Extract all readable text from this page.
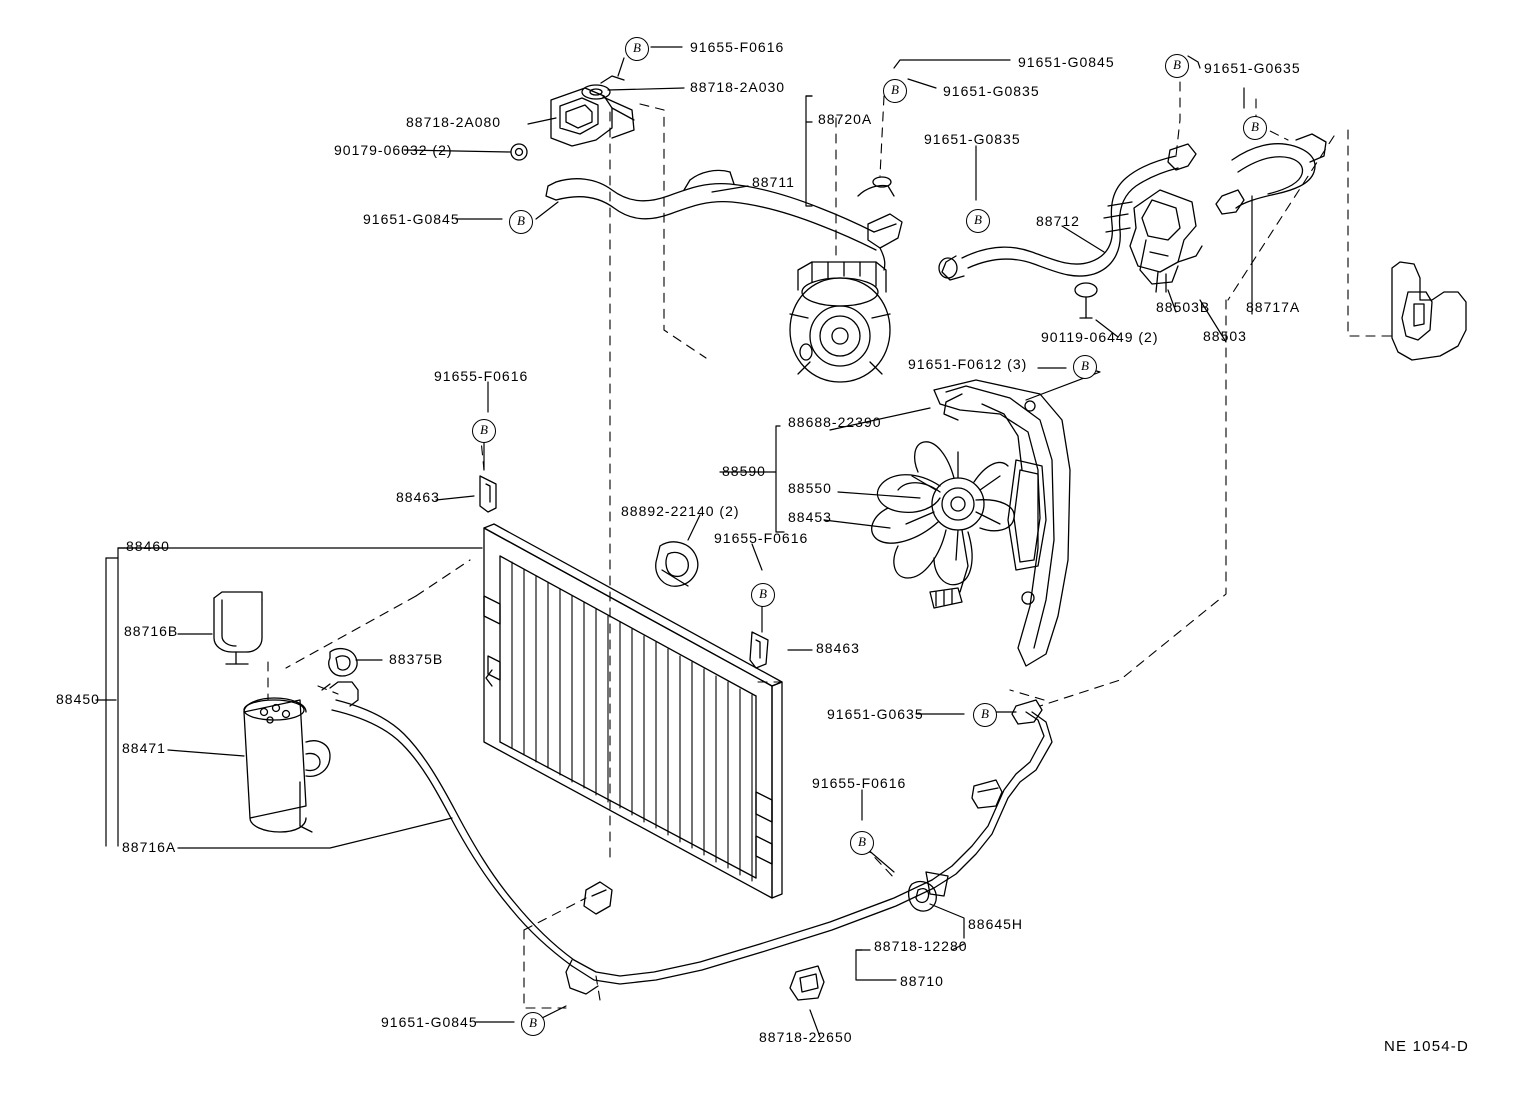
91655-F0616
88718-2A030
88718-2A080
90179-06032 (2)
91651-G0845
88720A
88711
91651-G0835
91651-G0835
91651-G0845	91651-G0635
88712
88503B	88717A
88503
90119-06449 (2)
91651-F0612 (3)
91655-F0616
88463
88460
88716B
88375B
88450
88471
88716A
88892-22140 (2)
91655-F0616
88463
88688-22390
88590
88550
88453
91651-G0635
91655-F0616
88645H
88718-12280
88710
91651-G0845
88718-22650
B
B
B
B
B
B
B
B
B
B
B
B
NE 1054-D
